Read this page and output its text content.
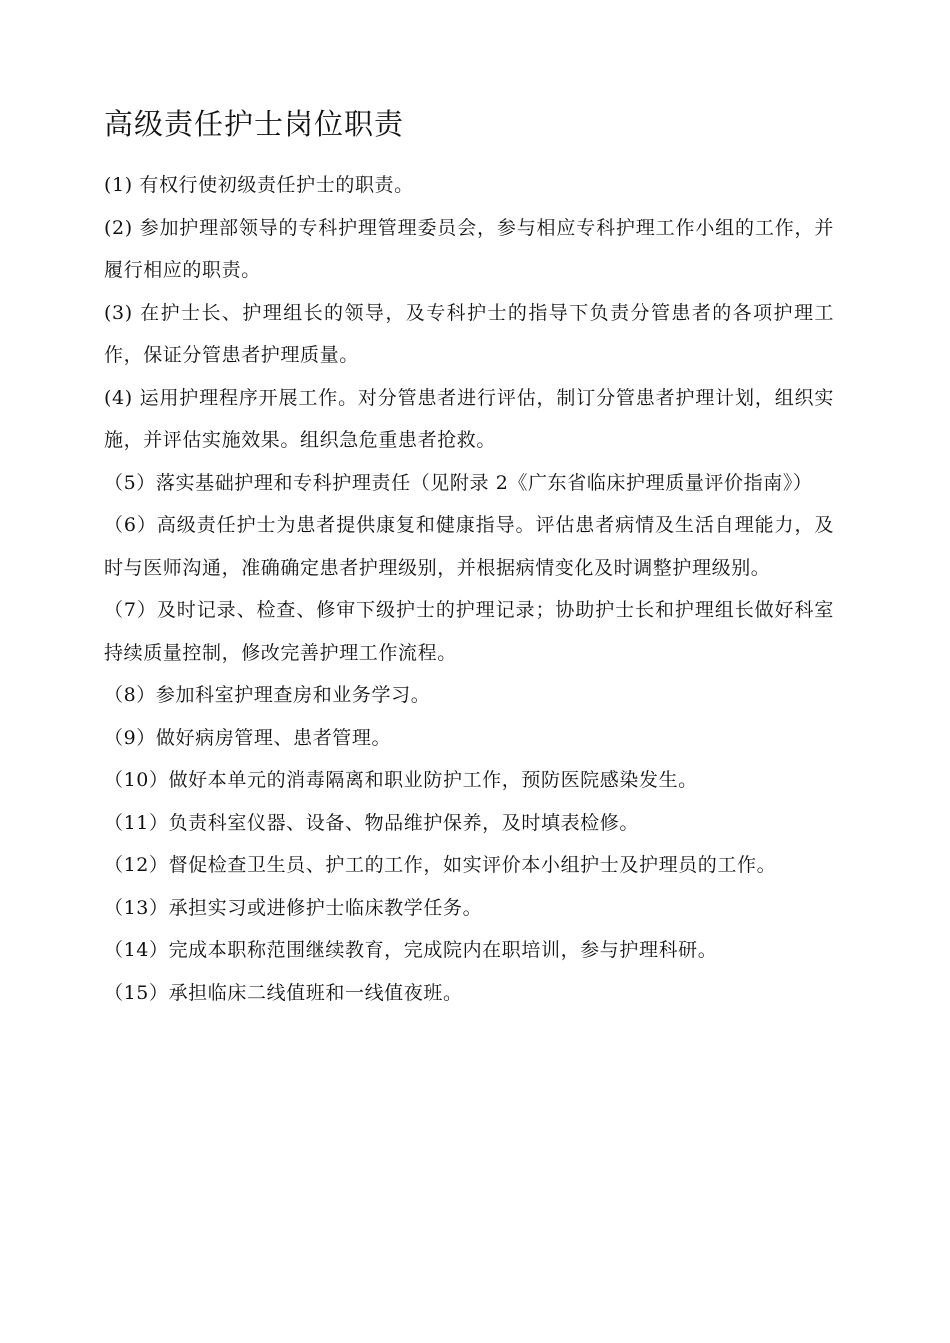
高级责任护士岗位职责

(1) 有权行使初级责任护士的职责。

(2) 参加护理部领导的专科护理管理委员会，参与相应专科护理工作小组的工作，并履行相应的职责。

(3) 在护士长、护理组长的领导，及专科护士的指导下负责分管患者的各项护理工作，保证分管患者护理质量。

(4) 运用护理程序开展工作。对分管患者进行评估，制订分管患者护理计划，组织实施，并评估实施效果。组织急危重患者抢救。

（5）落实基础护理和专科护理责任（见附录 2《广东省临床护理质量评价指南》）

（6）高级责任护士为患者提供康复和健康指导。评估患者病情及生活自理能力，及时与医师沟通，准确确定患者护理级别，并根据病情变化及时调整护理级别。

（7）及时记录、检查、修审下级护士的护理记录；协助护士长和护理组长做好科室持续质量控制，修改完善护理工作流程。

（8）参加科室护理查房和业务学习。

（9）做好病房管理、患者管理。

（10）做好本单元的消毒隔离和职业防护工作，预防医院感染发生。

（11）负责科室仪器、设备、物品维护保养，及时填表检修。

（12）督促检查卫生员、护工的工作，如实评价本小组护士及护理员的工作。

（13）承担实习或进修护士临床教学任务。

（14）完成本职称范围继续教育，完成院内在职培训，参与护理科研。

（15）承担临床二线值班和一线值夜班。
